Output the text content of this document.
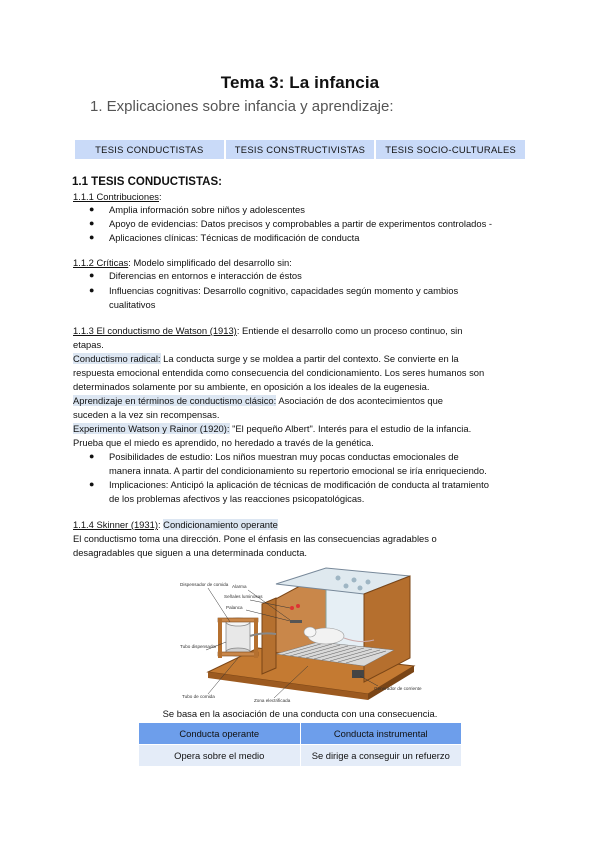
Tema 3: La infancia
1. Explicaciones sobre infancia y aprendizaje:
TESIS CONDUCTISTAS	TESIS CONSTRUCTIVISTAS	TESIS SOCIO-CULTURALES
1.1 TESIS CONDUCTISTAS:
1.1.1 Contribuciones:
● Amplia información sobre niños y adolescentes
● Apoyo de evidencias: Datos precisos y comprobables a partir de experimentos controlados -
● Aplicaciones clínicas: Técnicas de modificación de conducta
1.1.2 Críticas: Modelo simplificado del desarrollo sin:
● Diferencias en entornos e interacción de éstos
● Influencias cognitivas: Desarrollo cognitivo, capacidades según momento y cambios
cualitativos
1.1.3 El conductismo de Watson (1913): Entiende el desarrollo como un proceso continuo, sin
etapas.
Conductismo radical: La conducta surge y se moldea a partir del contexto. Se convierte en la
respuesta emocional entendida como consecuencia del condicionamiento. Los seres humanos son
determinados solamente por su ambiente, en oposición a los ideales de la eugenesia.
Aprendizaje en términos de conductismo clásico: Asociación de dos acontecimientos que
suceden a la vez sin recompensas.
Experimento Watson y Rainor (1920): "El pequeño Albert". Interés para el estudio de la infancia.
Prueba que el miedo es aprendido, no heredado a través de la genética.
● Posibilidades de estudio: Los niños muestran muy pocas conductas emocionales de
manera innata. A partir del condicionamiento su repertorio emocional se iría enriqueciendo.
● Implicaciones: Anticipó la aplicación de técnicas de modificación de conducta al tratamiento
de los problemas afectivos y las reacciones psicopatológicas.
1.1.4 Skinner (1931): Condicionamiento operante
El conductismo toma una dirección. Pone el énfasis en las consecuencias agradables o
desagradables que siguen a una determinada conducta.
Alarma
Señales luminosas
Palanca
Dispensador de comida
Tubo dispensador
Tubo de comida
Zona electrificada
Generador de corriente
Se basa en la asociación de una conducta con una consecuencia.
Conducta operante	Conducta instrumental
Opera sobre el medio	Se dirige a conseguir un refuerzo
